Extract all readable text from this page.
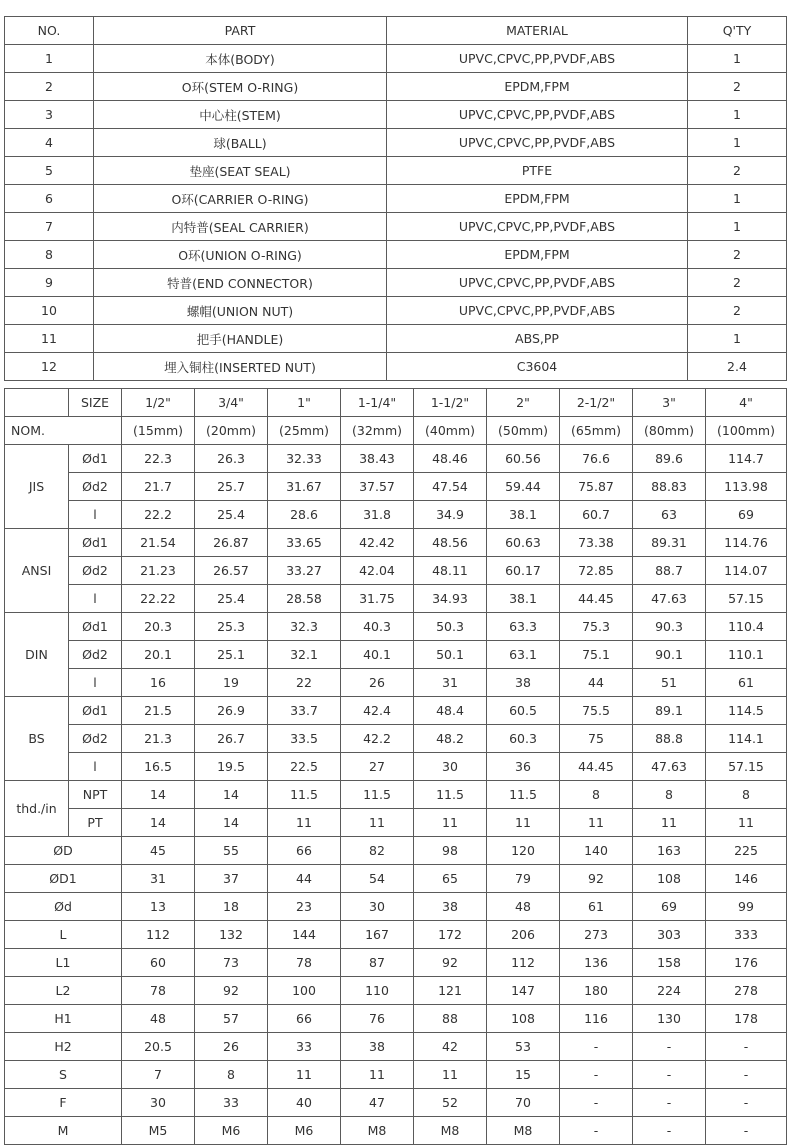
NO.	PART	MATERIAL	Q'TY
1	本体(BODY)	UPVC,CPVC,PP,PVDF,ABS	1
2	O环(STEM O-RING)	EPDM,FPM	2
3	中心柱(STEM)	UPVC,CPVC,PP,PVDF,ABS	1
4	球(BALL)	UPVC,CPVC,PP,PVDF,ABS	1
5	垫座(SEAT SEAL)	PTFE	2
6	O环(CARRIER O-RING)	EPDM,FPM	1
7	内特普(SEAL CARRIER)	UPVC,CPVC,PP,PVDF,ABS	1
8	O环(UNION O-RING)	EPDM,FPM	2
9	特普(END CONNECTOR)	UPVC,CPVC,PP,PVDF,ABS	2
10	螺帽(UNION NUT)	UPVC,CPVC,PP,PVDF,ABS	2
11	把手(HANDLE)	ABS,PP	1
12	埋入铜柱(INSERTED NUT)	C3604	2.4
	SIZE	1/2"	3/4"	1"	1-1/4"	1-1/2"	2"	2-1/2"	3"	4"
NOM.		(15mm)	(20mm)	(25mm)	(32mm)	(40mm)	(50mm)	(65mm)	(80mm)	(100mm)
JIS	Ød1	22.3	26.3	32.33	38.43	48.46	60.56	76.6	89.6	114.7
	Ød2	21.7	25.7	31.67	37.57	47.54	59.44	75.87	88.83	113.98
	l	22.2	25.4	28.6	31.8	34.9	38.1	60.7	63	69
ANSI	Ød1	21.54	26.87	33.65	42.42	48.56	60.63	73.38	89.31	114.76
	Ød2	21.23	26.57	33.27	42.04	48.11	60.17	72.85	88.7	114.07
	l	22.22	25.4	28.58	31.75	34.93	38.1	44.45	47.63	57.15
DIN	Ød1	20.3	25.3	32.3	40.3	50.3	63.3	75.3	90.3	110.4
	Ød2	20.1	25.1	32.1	40.1	50.1	63.1	75.1	90.1	110.1
	l	16	19	22	26	31	38	44	51	61
BS	Ød1	21.5	26.9	33.7	42.4	48.4	60.5	75.5	89.1	114.5
	Ød2	21.3	26.7	33.5	42.2	48.2	60.3	75	88.8	114.1
	l	16.5	19.5	22.5	27	30	36	44.45	47.63	57.15
thd./in	NPT	14	14	11.5	11.5	11.5	11.5	8	8	8
	PT	14	14	11	11	11	11	11	11	11
ØD		45	55	66	82	98	120	140	163	225
ØD1		31	37	44	54	65	79	92	108	146
Ød		13	18	23	30	38	48	61	69	99
L		112	132	144	167	172	206	273	303	333
L1		60	73	78	87	92	112	136	158	176
L2		78	92	100	110	121	147	180	224	278
H1		48	57	66	76	88	108	116	130	178
H2		20.5	26	33	38	42	53	-	-	-
S		7	8	11	11	11	15	-	-	-
F		30	33	40	47	52	70	-	-	-
M		M5	M6	M6	M8	M8	M8	-	-	-
